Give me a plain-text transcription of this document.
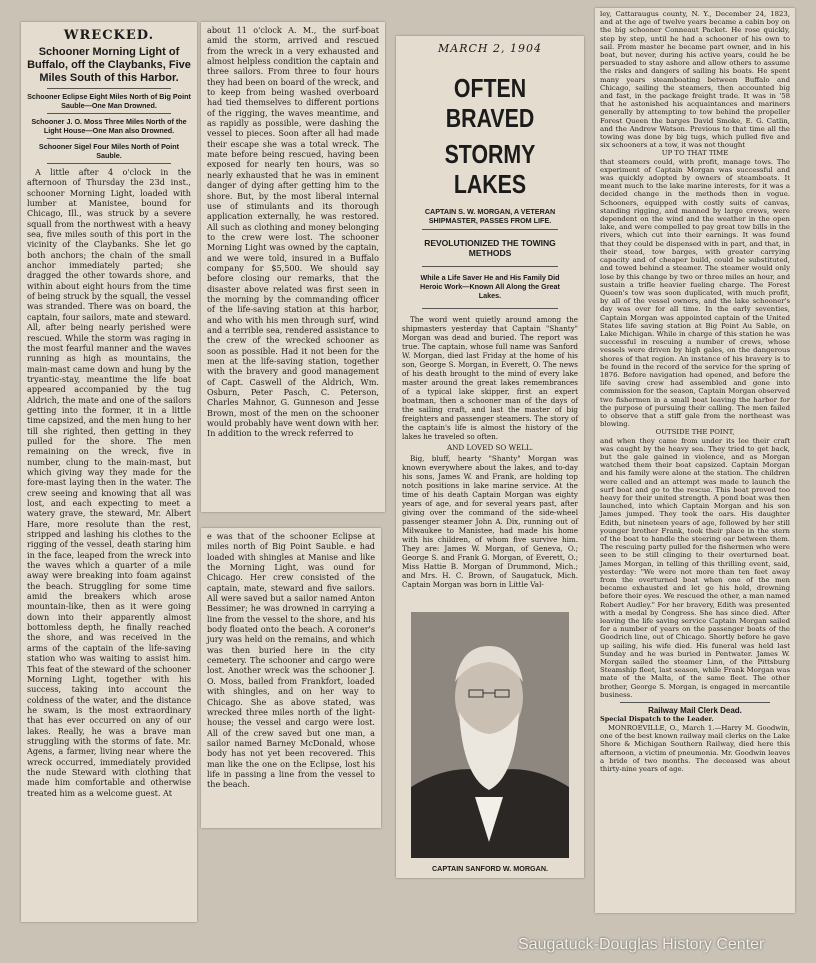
WRECKED.
Schooner Morning Light of Buffalo, off the Claybanks, Five Miles South of this Harbor.
Schooner Eclipse Eight Miles North of Big Point Sauble—One Man Drowned.
Schooner J. O. Moss Three Miles North of the Light House—One Man also Drowned.
Schooner Sigel Four Miles North of Point Sauble.

A little after 4 o'clock in the afternoon of Thursday the 23d inst., schooner Morning Light, loaded with lumber at Manistee, bound for Chicago, Ill., was struck by a severe squall from the northwest with a heavy sea, five miles south of this port in the vicinity of the Claybanks. She let go both anchors; the chain of the small anchor immediately parted; she dragged the other towards shore, and within about eight hours from the time of being struck by the squall, the vessel was stranded. There was on board, the captain, four sailors, mate and steward. All, after being nearly perished were rescued. While the storm was raging in the most fearful manner and the waves running as high as mountains, the main-mast came down and hung by the tryantic-stay, meantime the life boat appeared accompanied by the tug Aldrich, the mate and one of the sailors getting into the former, it in a little time capsized, and the men hung to her till she righted, then getting in they pulled for the shore. The men remaining on the wreck, five in number, clung to the main-mast, but which giving way they made for the fore-mast laying then in the water. The crew seeing and knowing that all was lost, and each expecting to meet a watery grave, the steward, Mr. Albert Hare, more resolute than the rest, stripped and lashing his clothes to the rigging of the vessel, death staring him in the face, leaped from the wreck into the waves which a quarter of a mile away were breaking into foam against the beach. Struggling for some time amid the breakers which arose mountain-like, then as it were going down into their apparently almost bottomless depth, he finally reached the shore, and was received in the arms of the captain of the life-saving station who was waiting to assist him. This feat of the steward of the schooner Morning Light, together with his success, taking into account the coldness of the water, and the distance he swam, is the most extraordinary that has ever occurred on any of our lakes. Really, he was a brave man struggling with the storms of fate. Mr. Agens, a farmer, living near where the wreck occurred, immediately provided the nude Steward with clothing that made him comfortable and otherwise treated him as a welcome guest. At

about 11 o'clock A. M., the surf-boat amid the storm, arrived and rescued from the wreck in a very exhausted and almost helpless condition the captain and three sailors. From three to four hours they had been on board of the wreck, and to keep from being washed overboard had tied themselves to different portions of the rigging, the waves meantime, and as rapidly as possible, were dashing the vessel to pieces. Soon after all had made their escape she was a total wreck. The mate before being rescued, having been exposed for nearly ten hours, was so nearly exhausted that he was in eminent danger of dying after getting him to the shore. But, by the most liberal internal use of stimulants and its thorough application externally, he was restored. All such as clothing and money belonging to the crew were lost. The schooner Morning Light was owned by the captain, and we were told, insured in a Buffalo company for $5,500. We should say before closing our remarks, that the disaster above related was first seen in the morning by the commanding officer of the life-saving station at this harbor, and who with his men through surf, wind and a terrible sea, rendered assistance to the crew of the wrecked schooner as soon as possible. Had it not been for the men at the life-saving station, together with the bravery and good management of Capt. Caswell of the Aldrich, Wm. Osburn, Peter Pasch, C. Peterson, Charles Mahnor, G. Gunneson and Jesse Brown, most of the men on the schooner would probably have went down with her. In addition to the wreck referred to

e was that of the schooner Eclipse at miles north of Big Point Sauble. e had loaded with shingles at Manise and like the Morning Light, was ound for Chicago. Her crew consisted of the captain, mate, steward and five sailors. All were saved but a sailor named Anton Bessimer; he was drowned in carrying a line from the vessel to the shore, and his body floated onto the beach. A coroner's jury was held on the remains, and which was then buried here in the city cemetery. The schooner and cargo were lost. Another wreck was the schooner J. O. Moss, bailed from Frankfort, loaded with shingles, and on her way to Chicago. She as above stated, was wrecked three miles north of the light-house; the vessel and cargo were lost. All of the crew saved but one man, a sailor named Barney McDonald, whose body has not yet been recovered. This man like the one on the Eclipse, lost his life in passing a line from the vessel to the beach.

MARCH 2, 1904
OFTEN BRAVED
STORMY LAKES
CAPTAIN S. W. MORGAN, A VETERAN SHIPMASTER, PASSES FROM LIFE.
REVOLUTIONIZED THE TOWING METHODS
While a Life Saver He and His Family Did Heroic Work—Known All Along the Great Lakes.

The word went quietly around among the shipmasters yesterday that Captain "Shanty" Morgan was dead and buried. The report was true. The captain, whose full name was Sanford W. Morgan, died last Friday at the home of his son, George S. Morgan, in Everett, O. The news of his death brought to the mind of every lake master around the great lakes remembrances of a typical lake skipper, first an expert boatman, then a schooner man of the days of the sailing craft, and last the master of big freighters and passenger steamers. The story of the captain's life is almost the history of the lakes he traveled so often.

AND LOVED SO WELL.

Big, bluff, hearty "Shanty" Morgan was known everywhere about the lakes, and to-day his sons, James W. and Frank, are holding top notch positions in lake marine service. At the time of his death Captain Morgan was eighty years of age, and for several years past, after giving over the command of the side-wheel passenger steamer John A. Dix, running out of Milwaukee to Manistee, had made his home with his children, of whom five survive him. They are: James W. Morgan, of Geneva, O.; George S. and Frank G. Morgan, of Everett, O.; Miss Hattie B. Morgan of Drummond, Mich.; and Mrs. H. C. Brown, of Saugatuck, Mich. Captain Morgan was born in Little Val-

CAPTAIN SANFORD W. MORGAN.

ley, Cattaraugus county, N. Y., December 24, 1823, and at the age of twelve years became a cabin boy on the big schooner Conneaut Packet. He rose quickly, step by step, until he had a schooner of his own to sail. From master he became part owner, and in his boat, but never, during his active years, could he be persuaded to stay ashore and allow others to assume the risks and dangers of sailing his boats. He spent many years steamboating between Buffalo and Chicago, sailing the steamers, then accounted big and fast, in the package freight trade. It was in '58 that he astonished his acquaintances and mariners generally by attempting to tow behind the propeller Forest Queen the barges David Smoke, E. G. Catlin, and the Andrew Watson. Previous to that time all the towing was done by big tugs, which pulled five and six schooners at a tow, it was not thought

UP TO THAT TIME

that steamers could, with profit, manage tows. The experiment of Captain Morgan was successful and was quickly adopted by owners of steamboats. It meant much to the lake marine interests, for it was a decided change in the methods then in vogue. Schooners, equipped with costly suits of canvas, standing rigging, and manned by large crews, were dependent on the wind and the weather in the open lake, and were compelled to pay great tow bills in the rivers, which cut into their earnings. It was found that they could be dispensed with in part, and that, in their stead, tow barges, with greater carrying capacity and of cheaper build, could be substituted, and towed behind a steamer. The steamer would only lose by this change by two or three miles an hour, and sustain a trifle heavier fueling charge. The Forest Queen's tow was soon duplicated, with much profit, by all of the vessel owners, and the lake schooner's day was over for all time. In the early seventies, Captain Morgan was appointed captain of the United States life saving station at Big Point Au Sable, on Lake Michigan. While in charge of this station he was successful in rescuing a number of crews, whose vessels were driven by high gales, on the dangerous shores of that region. An instance of his bravery is to be found in the record of the service for the spring of 1876. Before navigation had opened, and before the life saving crew had assembled and gone into commission for the season, Captain Morgan observed two fishermen in a small boat leaving the harbor for the purpose of pursuing their calling. The men failed to observe that a stiff gale from the northeast was blowing.

OUTSIDE THE POINT,

and when they came from under its lee their craft was caught by the heavy sea. They tried to get back, but the gale gained in violence, and as Morgan watched them their boat capsized. Captain Morgan and his family were alone at the station. The children were called and an attempt was made to launch the surf boat and go to the rescue. This boat proved too heavy for their united strength. A pond boat was then launched, into which Captain Morgan and his son James jumped. They took the oars. His daughter Edith, but nineteen years of age, followed by her still younger brother Frank, took their place in the stern of the boat to handle the steering oar between them. The rescuing party pulled for the fishermen who were seen to be still clinging to their overturned boat. James Morgan, in telling of this thrilling event, said, yesterday: "We were not more than ten feet away from the overturned boat when one of the men became exhausted and let go his hold, drowning before their eyes. We rescued the other, a man named Robert Audley." For her bravery, Edith was presented with a medal by Congress. She has since died. After leaving the life saving service Captain Morgan sailed for a number of years on the passenger boats of the Goodrich line, out of Chicago. Shortly before he gave up sailing, his wife died. His funeral was held last Sunday and he was buried in Pentwater. James W. Morgan sailed the steamer Linn, of the Pittsburg Steamship fleet, last season, while Frank Morgan was mate of the Malta, of the same fleet. The other brother, George S. Morgan, is engaged in mercantile business.

Railway Mail Clerk Dead.
Special Dispatch to the Leader.

MONROEVILLE, O., March 1.—Harry M. Goodwin, one of the best known railway mail clerks on the Lake Shore & Michigan Southern Railway, died here this afternoon, a victim of pneumonia. Mr. Goodwin leaves a bride of two months. The deceased was about thirty-nine years of age.

Saugatuck-Douglas History Center
